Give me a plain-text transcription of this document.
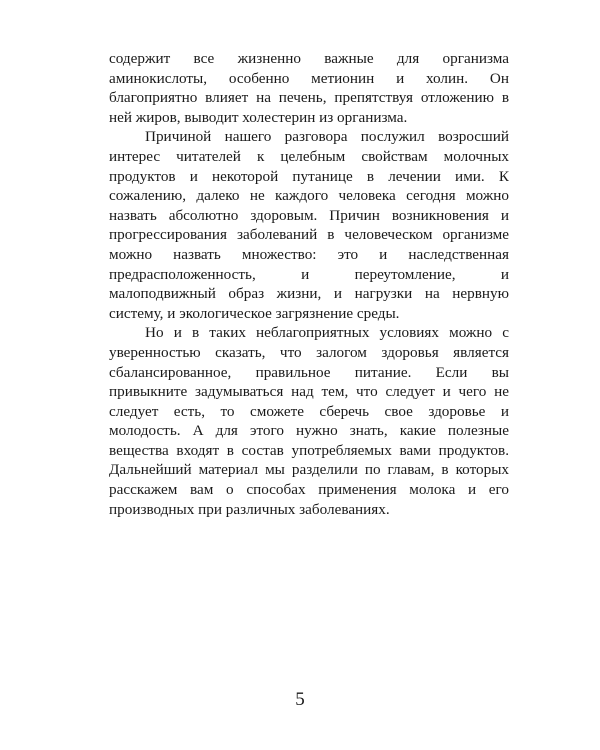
содержит все жизненно важные для организма
аминокислоты, особенно метионин и холин. Он
благоприятно влияет на печень, препятствуя отложению в
ней жиров, выводит холестерин из организма.

Причиной нашего разговора послужил возросший
интерес читателей к целебным свойствам молочных
продуктов и некоторой путанице в лечении ими. К
сожалению, далеко не каждого человека сегодня можно
назвать абсолютно здоровым. Причин возникновения и
прогрессирования заболеваний в человеческом организме
можно назвать множество: это и наследственная
предрасположенность, и переутомление, и
малоподвижный образ жизни, и нагрузки на нервную
систему, и экологическое загрязнение среды.

Но и в таких неблагоприятных условиях можно с
уверенностью сказать, что залогом здоровья является
сбалансированное, правильное питание. Если вы
привыкните задумываться над тем, что следует и чего не
следует есть, то сможете сберечь свое здоровье и
молодость. А для этого нужно знать, какие полезные
вещества входят в состав употребляемых вами продуктов.
Дальнейший материал мы разделили по главам, в которых
расскажем вам о способах применения молока и его
производных при различных заболеваниях.

5
